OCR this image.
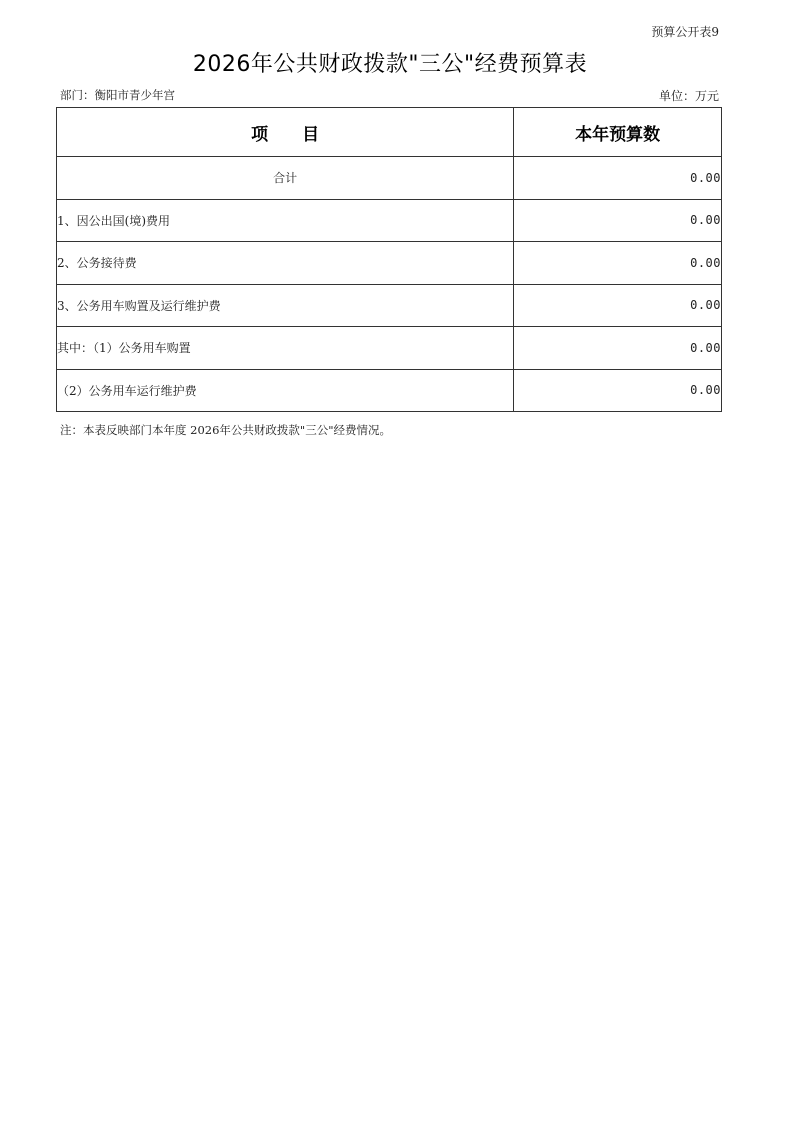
预算公开表9
2026年公共财政拨款"三公"经费预算表
部门：衡阳市青少年宫	单位：万元
项　　目	本年预算数
合计	0.00
1、因公出国(境)费用	0.00
2、公务接待费	0.00
3、公务用车购置及运行维护费	0.00
其中：（1）公务用车购置	0.00
（2）公务用车运行维护费	0.00
注：本表反映部门本年度 2026年公共财政拨款"三公"经费情况。
